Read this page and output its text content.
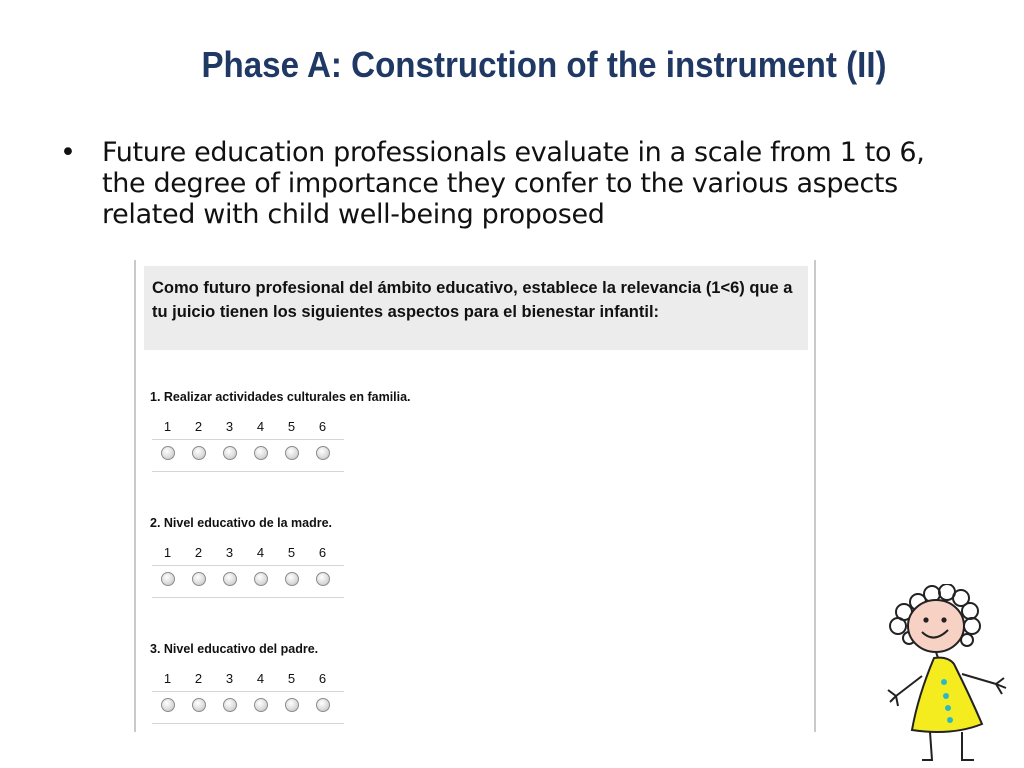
Phase A: Construction of the instrument (II)
• Future education professionals evaluate in a scale from 1 to 6, the degree of importance they confer to the various aspects related with child well-being proposed
Como futuro profesional del ámbito educativo, establece la relevancia (1<6) que a tu juicio tienen los siguientes aspectos para el bienestar infantil:
1. Realizar actividades culturales en familia.
1	2	3	4	5	6
2. Nivel educativo de la madre.
1	2	3	4	5	6
3. Nivel educativo del padre.
1	2	3	4	5	6
